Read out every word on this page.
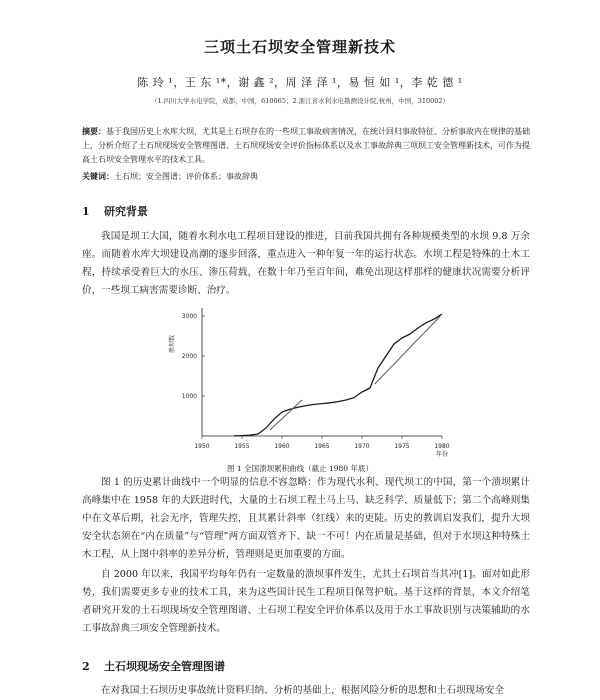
三项土石坝安全管理新技术
陈 玲 ¹，王 东 ¹*，谢 鑫 ²，周 泽 泽 ¹，易 恒 如 ¹，李 乾 德 ¹
（1.四川大学水电学院，成都，中国，610065；2.浙江省水利水电勘测设计院,杭州，中国，310002）
摘要：基于我国历史上水库大坝，尤其是土石坝存在的一些坝工事故病害情况，在统计回归事故特征、分析事故内在规律的基础上，分析介绍了土石坝现场安全管理图谱、土石坝现场安全评价指标体系以及水工事故辞典三项坝工安全管理新技术，可作为提高土石坝安全管理水平的技术工具。
关键词：土石坝；安全图谱；评价体系；事故辞典
1 研究背景
我国是坝工大国，随着水利水电工程项目建设的推进，目前我国共拥有各种规模类型的水坝 9.8 万余座。而随着水库大坝建设高潮的逐步回落，重点进入一种年复一年的运行状态。水坝工程是特殊的土木工程，持续承受着巨大的水压、渗压荷载，在数十年乃至百年间，难免出现这样那样的健康状况需要分析评价，一些坝工病害需要诊断、治疗。
溃坝数
年份
1950	1955	1960	1965	1970	1975	1980
1000
2000
3000
图 1 全国溃坝累积曲线（截止 1980 年底）
图 1 的历史累计曲线中一个明显的信息不容忽略：作为现代水利、现代坝工的中国，第一个溃坝累计高峰集中在 1958 年的大跃进时代，大量的土石坝工程土马上马、缺乏科学、质量低下；第二个高峰则集中在文革后期，社会无序，管理失控，且其累计斜率（红线）来的更陡。历史的教训启发我们，提升大坝安全状态须在“内在质量”与“管理”两方面双管齐下、缺一不可！内在质量是基础，但对于水坝这种特殊土木工程，从上图中斜率的差异分析，管理则是更加重要的方面。
自 2000 年以来，我国平均每年仍有一定数量的溃坝事件发生，尤其土石坝首当其冲[1]。面对如此形势，我们需要更多专业的技术工具，来为这些国计民生工程项目保驾护航。基于这样的背景，本文介绍笔者研究开发的土石坝现场安全管理图谱、土石坝工程安全评价体系以及用于水工事故识别与决策辅助的水工事故辞典三项安全管理新技术。
2 土石坝现场安全管理图谱
在对我国土石坝历史事故统计资料归纳、分析的基础上，根据风险分析的思想和土石坝现场安全
